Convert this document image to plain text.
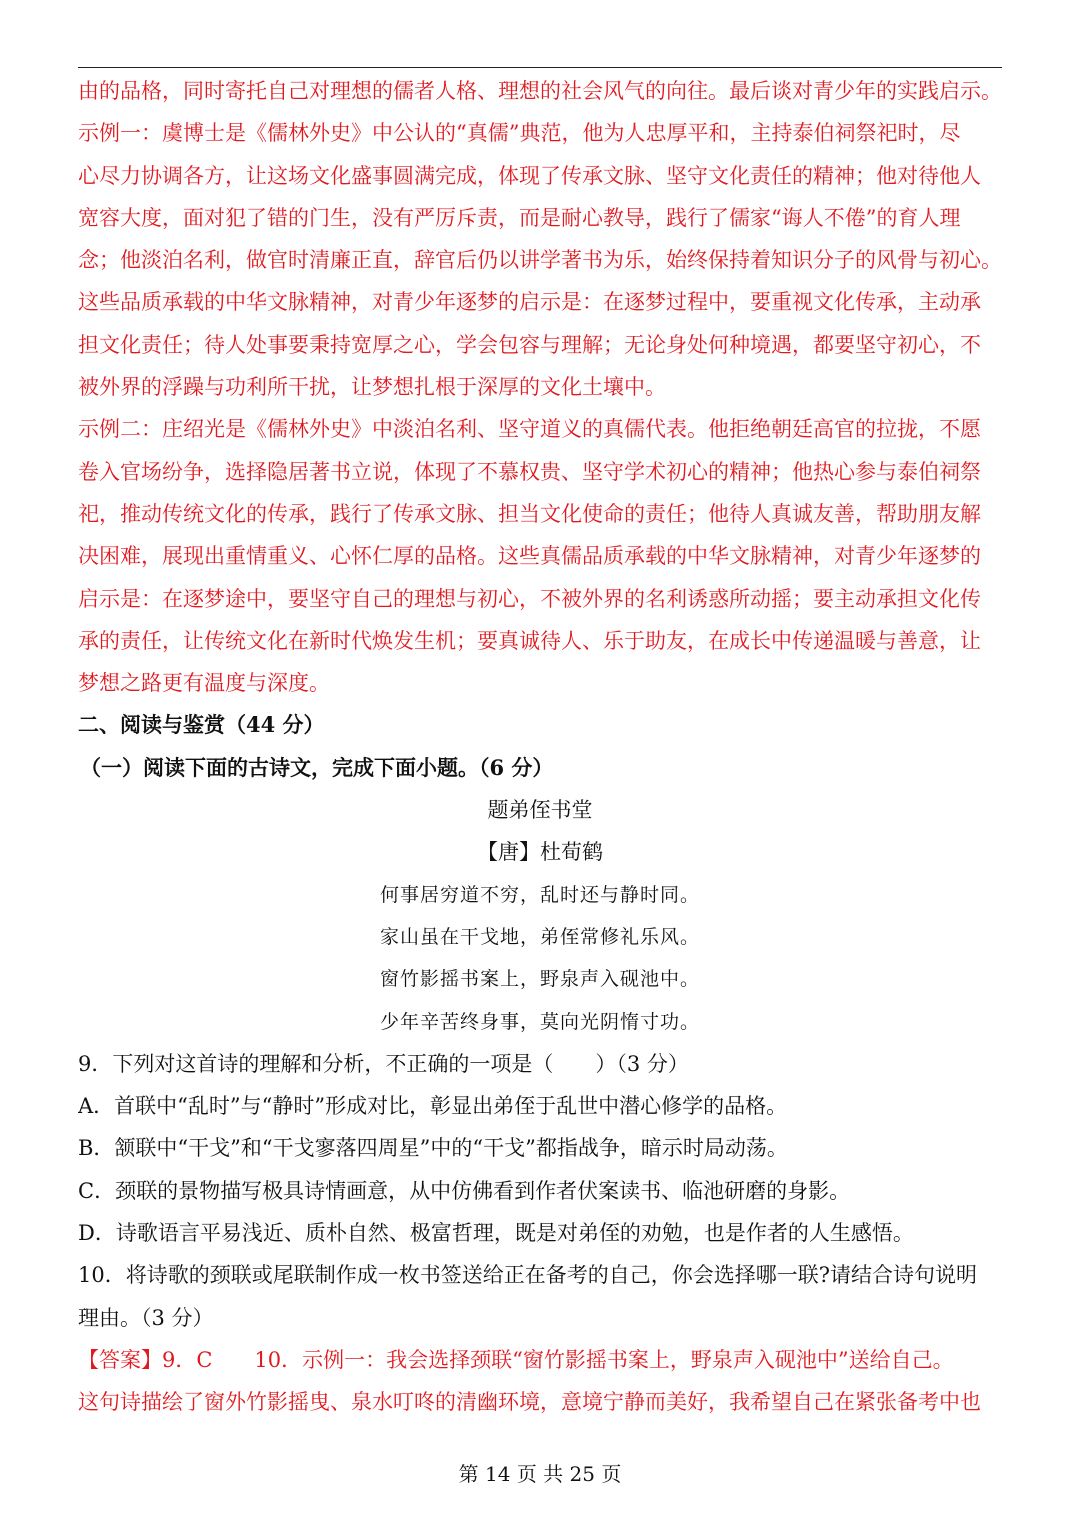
由的品格，同时寄托自己对理想的儒者人格、理想的社会风气的向往。最后谈对青少年的实践启示。
示例一：虞博士是《儒林外史》中公认的“真儒”典范，他为人忠厚平和，主持泰伯祠祭祀时，尽
心尽力协调各方，让这场文化盛事圆满完成，体现了传承文脉、坚守文化责任的精神；他对待他人
宽容大度，面对犯了错的门生，没有严厉斥责，而是耐心教导，践行了儒家“诲人不倦”的育人理
念；他淡泊名利，做官时清廉正直，辞官后仍以讲学著书为乐，始终保持着知识分子的风骨与初心。
这些品质承载的中华文脉精神，对青少年逐梦的启示是：在逐梦过程中，要重视文化传承，主动承
担文化责任；待人处事要秉持宽厚之心，学会包容与理解；无论身处何种境遇，都要坚守初心，不
被外界的浮躁与功利所干扰，让梦想扎根于深厚的文化土壤中。
示例二：庄绍光是《儒林外史》中淡泊名利、坚守道义的真儒代表。他拒绝朝廷高官的拉拢，不愿
卷入官场纷争，选择隐居著书立说，体现了不慕权贵、坚守学术初心的精神；他热心参与泰伯祠祭
祀，推动传统文化的传承，践行了传承文脉、担当文化使命的责任；他待人真诚友善，帮助朋友解
决困难，展现出重情重义、心怀仁厚的品格。这些真儒品质承载的中华文脉精神，对青少年逐梦的
启示是：在逐梦途中，要坚守自己的理想与初心，不被外界的名利诱惑所动摇；要主动承担文化传
承的责任，让传统文化在新时代焕发生机；要真诚待人、乐于助友，在成长中传递温暖与善意，让
梦想之路更有温度与深度。
二、阅读与鉴赏（44 分）
（一）阅读下面的古诗文，完成下面小题。（6 分）
题弟侄书堂
【唐】杜荀鹤
何事居穷道不穷，乱时还与静时同。
家山虽在干戈地，弟侄常修礼乐风。
窗竹影摇书案上，野泉声入砚池中。
少年辛苦终身事，莫向光阴惰寸功。
9．下列对这首诗的理解和分析，不正确的一项是（　　）（3 分）
A．首联中“乱时”与“静时”形成对比，彰显出弟侄于乱世中潜心修学的品格。
B．颔联中“干戈”和“干戈寥落四周星”中的“干戈”都指战争，暗示时局动荡。
C．颈联的景物描写极具诗情画意，从中仿佛看到作者伏案读书、临池研磨的身影。
D．诗歌语言平易浅近、质朴自然、极富哲理，既是对弟侄的劝勉，也是作者的人生感悟。
10．将诗歌的颈联或尾联制作成一枚书签送给正在备考的自己，你会选择哪一联?请结合诗句说明
理由。（3 分）
【答案】9．C　　10．示例一：我会选择颈联“窗竹影摇书案上，野泉声入砚池中”送给自己。
这句诗描绘了窗外竹影摇曳、泉水叮咚的清幽环境，意境宁静而美好，我希望自己在紧张备考中也
第 14 页 共 25 页
